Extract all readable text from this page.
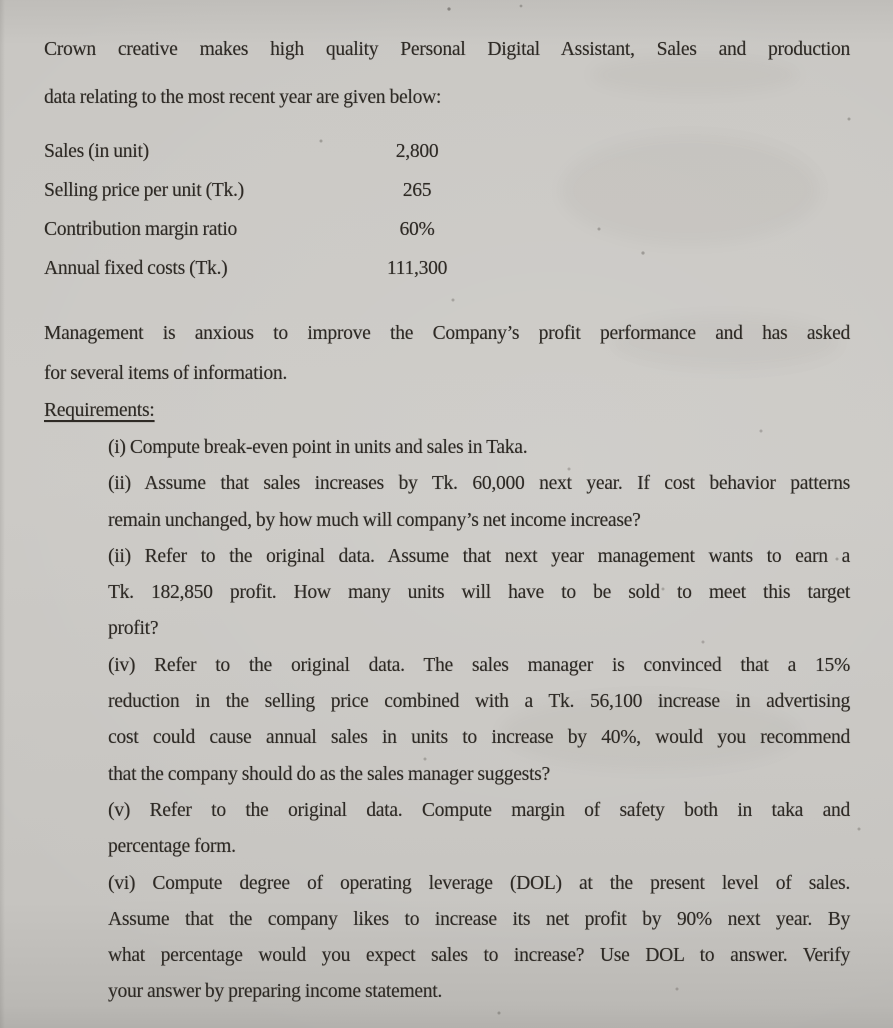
Crown creative makes high quality Personal Digital Assistant, Sales and production
data relating to the most recent year are given below:
Sales (in unit)	2,800
Selling price per unit (Tk.)	265
Contribution margin ratio	60%
Annual fixed costs (Tk.)	111,300
Management is anxious to improve the Company’s profit performance and has asked
for several items of information.
Requirements:
(i) Compute break-even point in units and sales in Taka.
(ii) Assume that sales increases by Tk. 60,000 next year. If cost behavior patterns
remain unchanged, by how much will company’s net income increase?
(ii) Refer to the original data. Assume that next year management wants to earn a
Tk. 182,850 profit. How many units will have to be sold to meet this target
profit?
(iv) Refer to the original data. The sales manager is convinced that a 15%
reduction in the selling price combined with a Tk. 56,100 increase in advertising
cost could cause annual sales in units to increase by 40%, would you recommend
that the company should do as the sales manager suggests?
(v) Refer to the original data. Compute margin of safety both in taka and
percentage form.
(vi) Compute degree of operating leverage (DOL) at the present level of sales.
Assume that the company likes to increase its net profit by 90% next year. By
what percentage would you expect sales to increase? Use DOL to answer. Verify
your answer by preparing income statement.
